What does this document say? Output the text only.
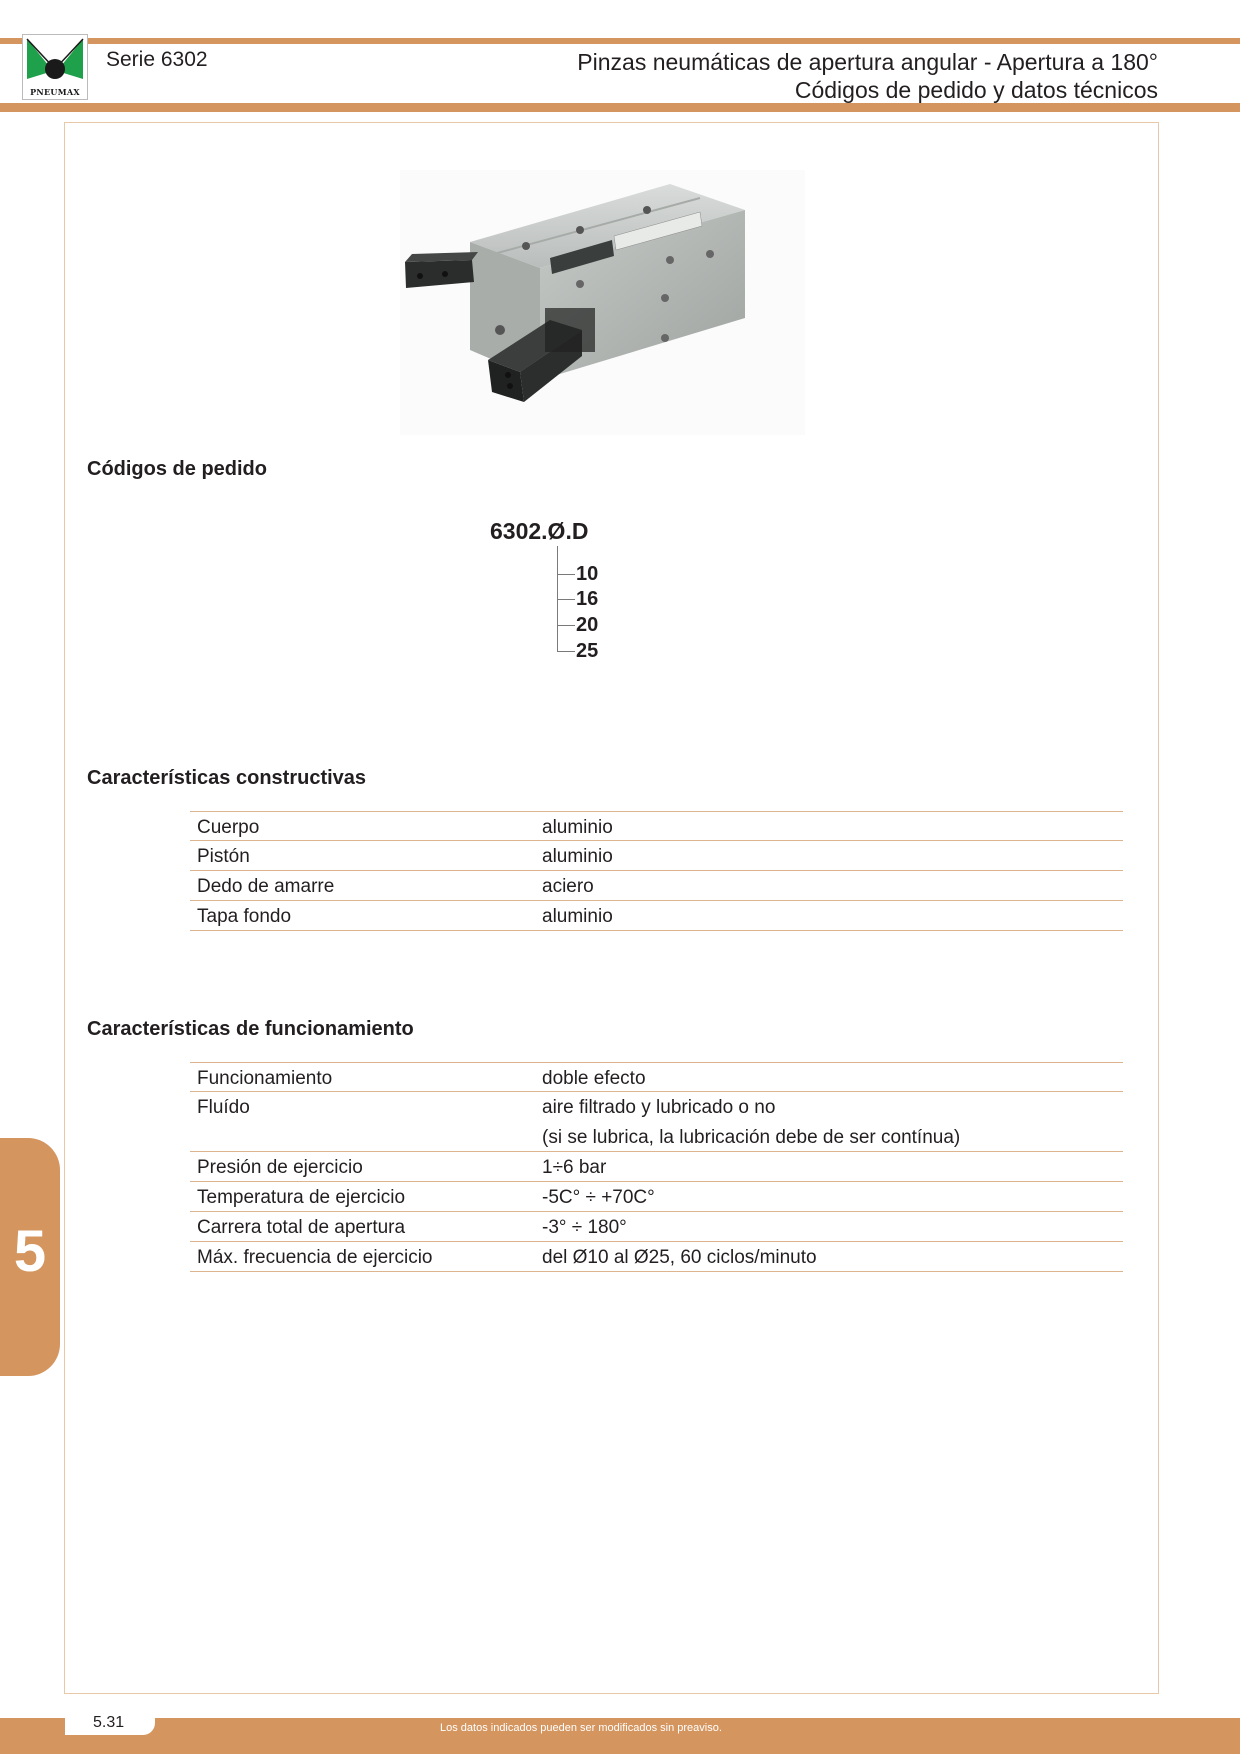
PNEUMAX
Serie 6302	Pinzas neumáticas de apertura angular - Apertura a 180°
Códigos de pedido y datos técnicos
Códigos de pedido
6302.Ø.D
10
16
20
25
Características constructivas
Cuerpo	aluminio
Pistón	aluminio
Dedo de amarre	aciero
Tapa fondo	aluminio
Características de funcionamiento
Funcionamiento	doble efecto
Fluído	aire filtrado y lubricado o no
(si se lubrica, la lubricación debe de ser contínua)
Presión de ejercicio	1÷6 bar
Temperatura de ejercicio	-5C° ÷ +70C°
Carrera total de apertura	-3° ÷ 180°
Máx. frecuencia de ejercicio	del Ø10 al Ø25, 60 ciclos/minuto
5
5.31	Los datos indicados pueden ser modificados sin preaviso.
